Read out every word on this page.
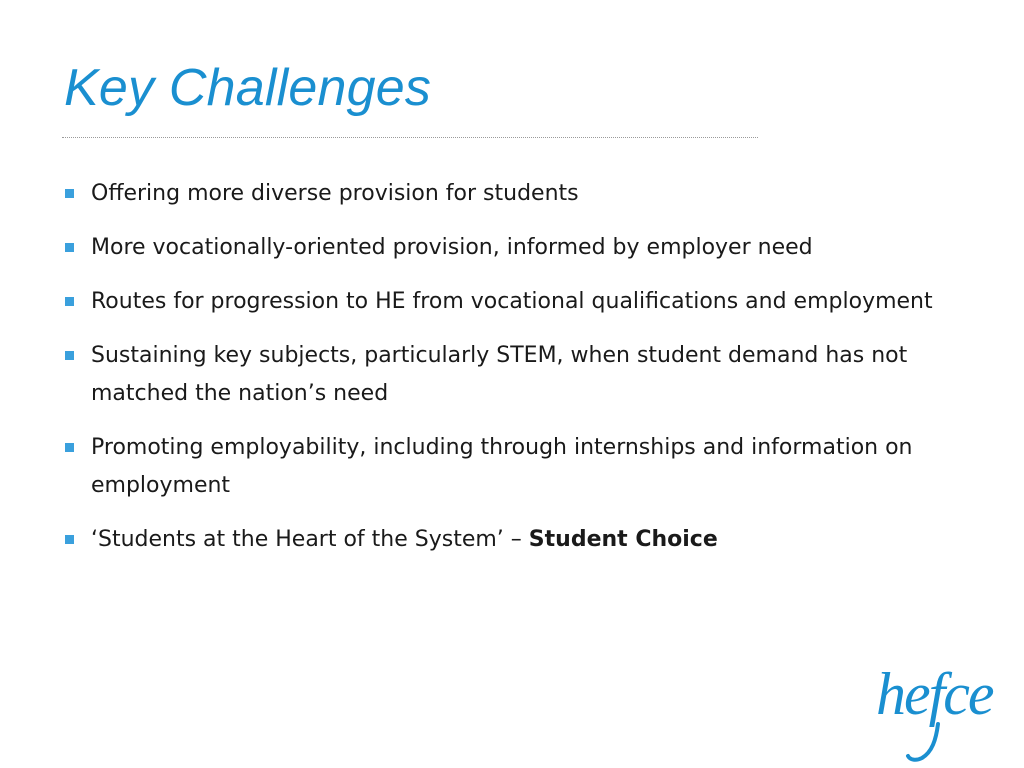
Key Challenges
Offering more diverse provision for students
More vocationally-oriented provision, informed by employer need
Routes for progression to HE from vocational qualifications and employment
Sustaining key subjects, particularly STEM, when student demand has not matched the nation’s need
Promoting employability, including through internships and information on employment
‘Students at the Heart of the System’ – Student Choice
hefce
